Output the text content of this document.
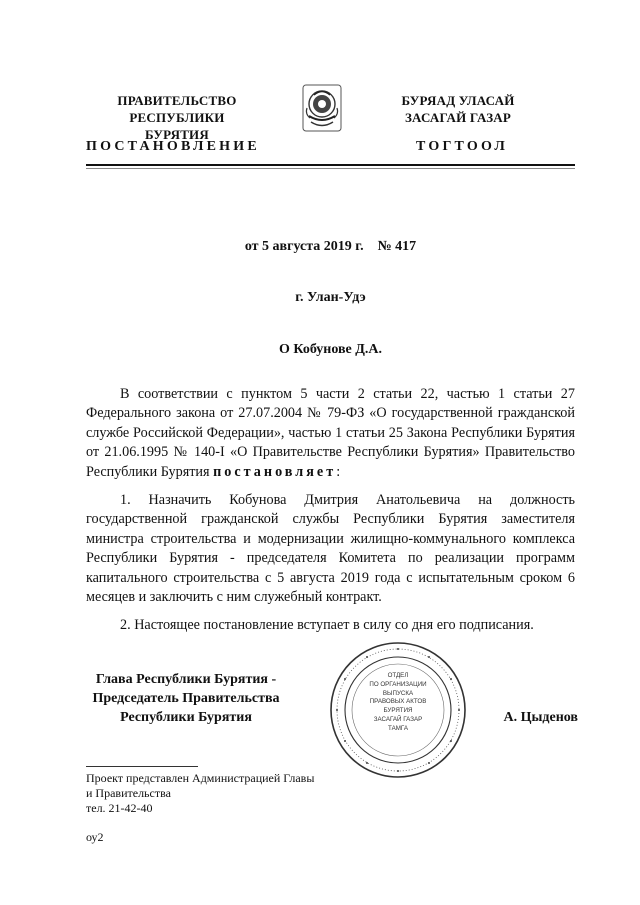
ПРАВИТЕЛЬСТВО
РЕСПУБЛИКИ БУРЯТИЯ
БУРЯАД УЛАСАЙ
ЗАСАГАЙ ГАЗАР
ПОСТАНОВЛЕНИЕ	ТОГТООЛ
от 5 августа 2019 г.    № 417
г. Улан-Удэ
О Кобунове Д.А.

В соответствии с пунктом 5 части 2 статьи 22, частью 1 статьи 27 Федерального закона от 27.07.2004 № 79-ФЗ «О государственной гражданской службе Российской Федерации», частью 1 статьи 25 Закона Республики Бурятия от 21.06.1995 № 140-I «О Правительстве Республики Бурятия» Правительство Республики Бурятия постановляет:

1. Назначить Кобунова Дмитрия Анатольевича на должность государственной гражданской службы Республики Бурятия заместителя министра строительства и модернизации жилищно-коммунального комплекса Республики Бурятия - председателя Комитета по реализации программ капитального строительства с 5 августа 2019 года с испытательным сроком 6 месяцев и заключить с ним служебный контракт.

2. Настоящее постановление вступает в силу со дня его подписания.

Глава Республики Бурятия -
Председатель Правительства
Республики Бурятия
ОТДЕЛ
ПО ОРГАНИЗАЦИИ
ВЫПУСКА
ПРАВОВЫХ АКТОВ
БУРЯТИЯ
ЗАСАГАЙ ГАЗАР
ТАМГА
А. Цыденов
Проект представлен Администрацией Главы
и Правительства
тел. 21-42-40
оу2
